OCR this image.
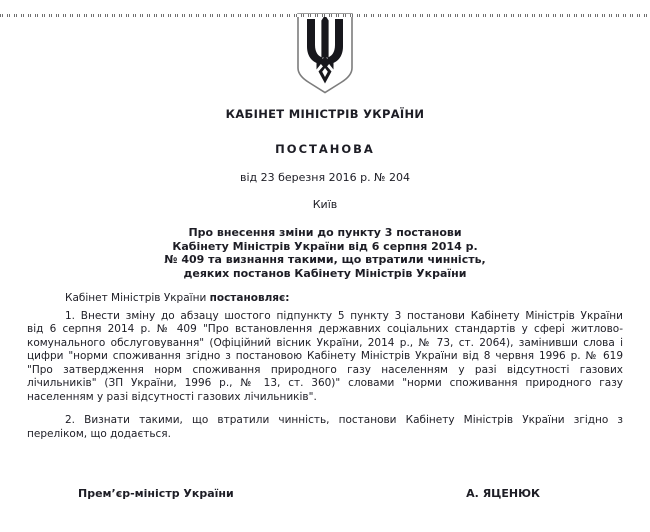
КАБІНЕТ МІНІСТРІВ УКРАЇНИ
ПОСТАНОВА
від 23 березня 2016 р. № 204
Київ
Про внесення зміни до пункту 3 постанови
Кабінету Міністрів України від 6 серпня 2014 р.
№ 409 та визнання такими, що втратили чинність,
деяких постанов Кабінету Міністрів України
Кабінет Міністрів України постановляє:
1. Внести зміну до абзацу шостого підпункту 5 пункту 3 постанови Кабінету Міністрів України
від 6 серпня 2014 р. № 409 "Про встановлення державних соціальних стандартів у сфері житлово-
комунального обслуговування" (Офіційний вісник України, 2014 р., № 73, ст. 2064), замінивши слова і
цифри "норми споживання згідно з постановою Кабінету Міністрів України від 8 червня 1996 р. № 619
"Про затвердження норм споживання природного газу населенням у разі відсутності газових
лічильників" (ЗП України, 1996 р., № 13, ст. 360)" словами "норми споживання природного газу
населенням у разі відсутності газових лічильників".
2. Визнати такими, що втратили чинність, постанови Кабінету Міністрів України згідно з
переліком, що додається.
Прем’єр-міністр України	А. ЯЦЕНЮК
